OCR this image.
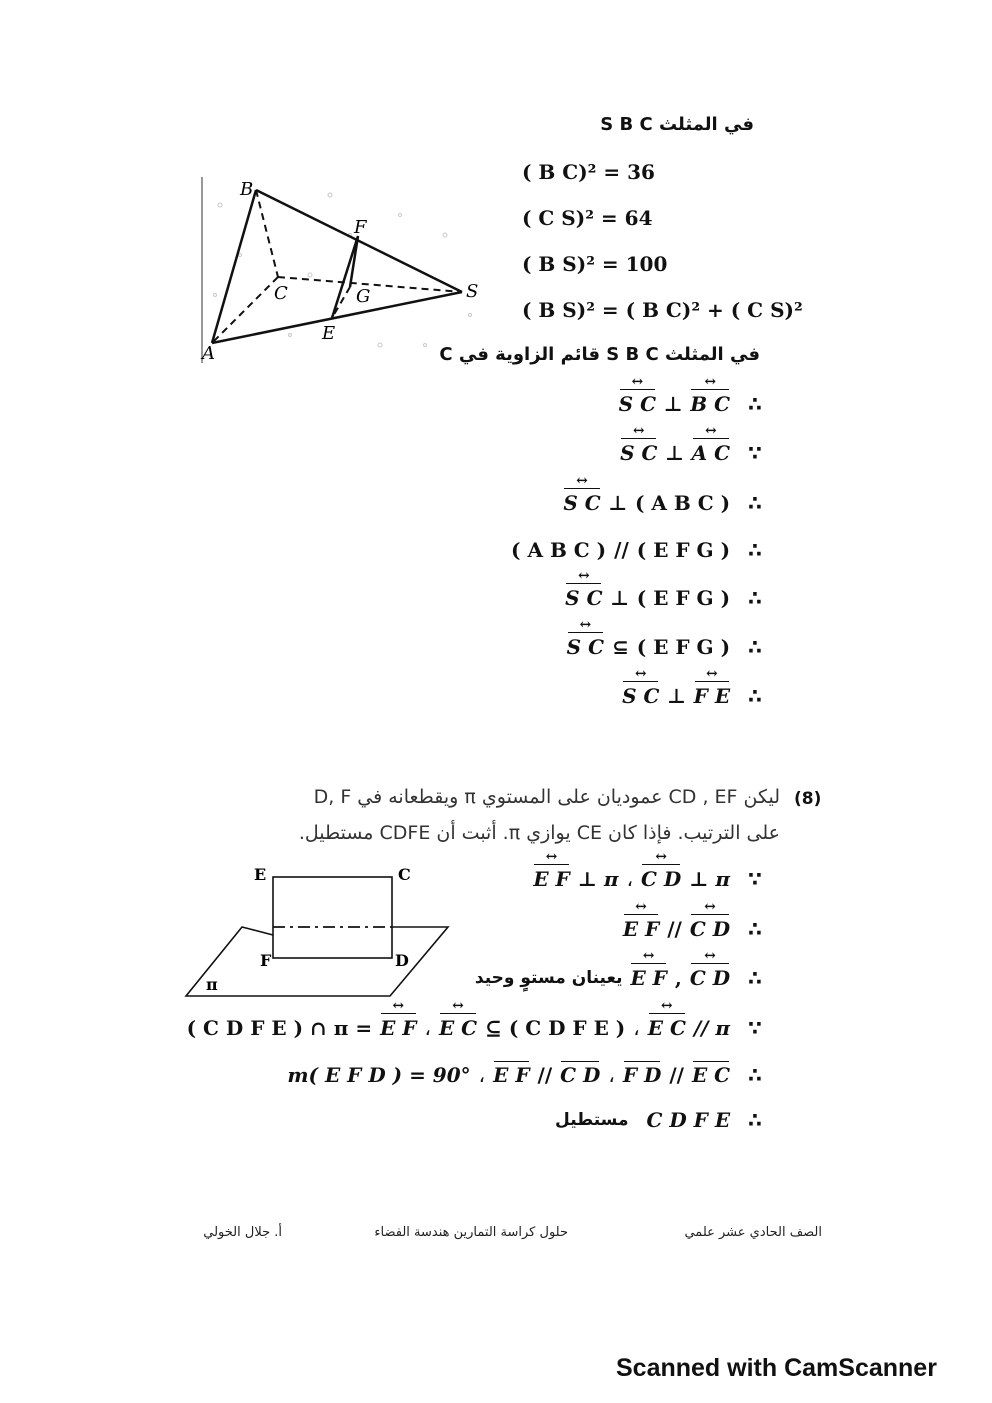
في المثلث S B C
( B C)² = 36
( C S)² = 64
( B S)² = 100
( B S)² = ( B C)² + ( C S)²
في المثلث S B C قائم الزاوية في C
B
F
C	G	S
E
A
S C ↔ ⊥ B C ↔ ∴
S C ↔ ⊥ A C ↔ ∵
S C ↔ ⊥ ( A B C ) ∴
( A B C ) // ( E F G ) ∴
S C ↔ ⊥ ( E F G ) ∴
S C ↔ ⊆ ( E F G ) ∴
S C ↔ ⊥ F E ↔ ∴
(8)
ليكن CD , EF عموديان على المستوي π ويقطعانه في D, F
على الترتيب. فإذا كان CE يوازي π. أثبت أن CDFE مستطيل.
E	C
F	D
π
E F ↔ ⊥ π ، C D ↔ ⊥ π ∵
E F ↔ // C D ↔ ∴
يعينان مستوٍ وحيد E F ↔ , C D ↔ ∴
( C D F E ) ∩ π = E F ↔ ، E C ↔ ⊆ ( C D F E ) ، E C ↔ // π ∵
m( E F D ) = 90° ، E F // C D ، F D // E C ∴
مستطيل C D F E ∴
الصف الحادي عشر علمي
حلول كراسة التمارين هندسة الفضاء
أ. جلال الخولي
Scanned with CamScanner
